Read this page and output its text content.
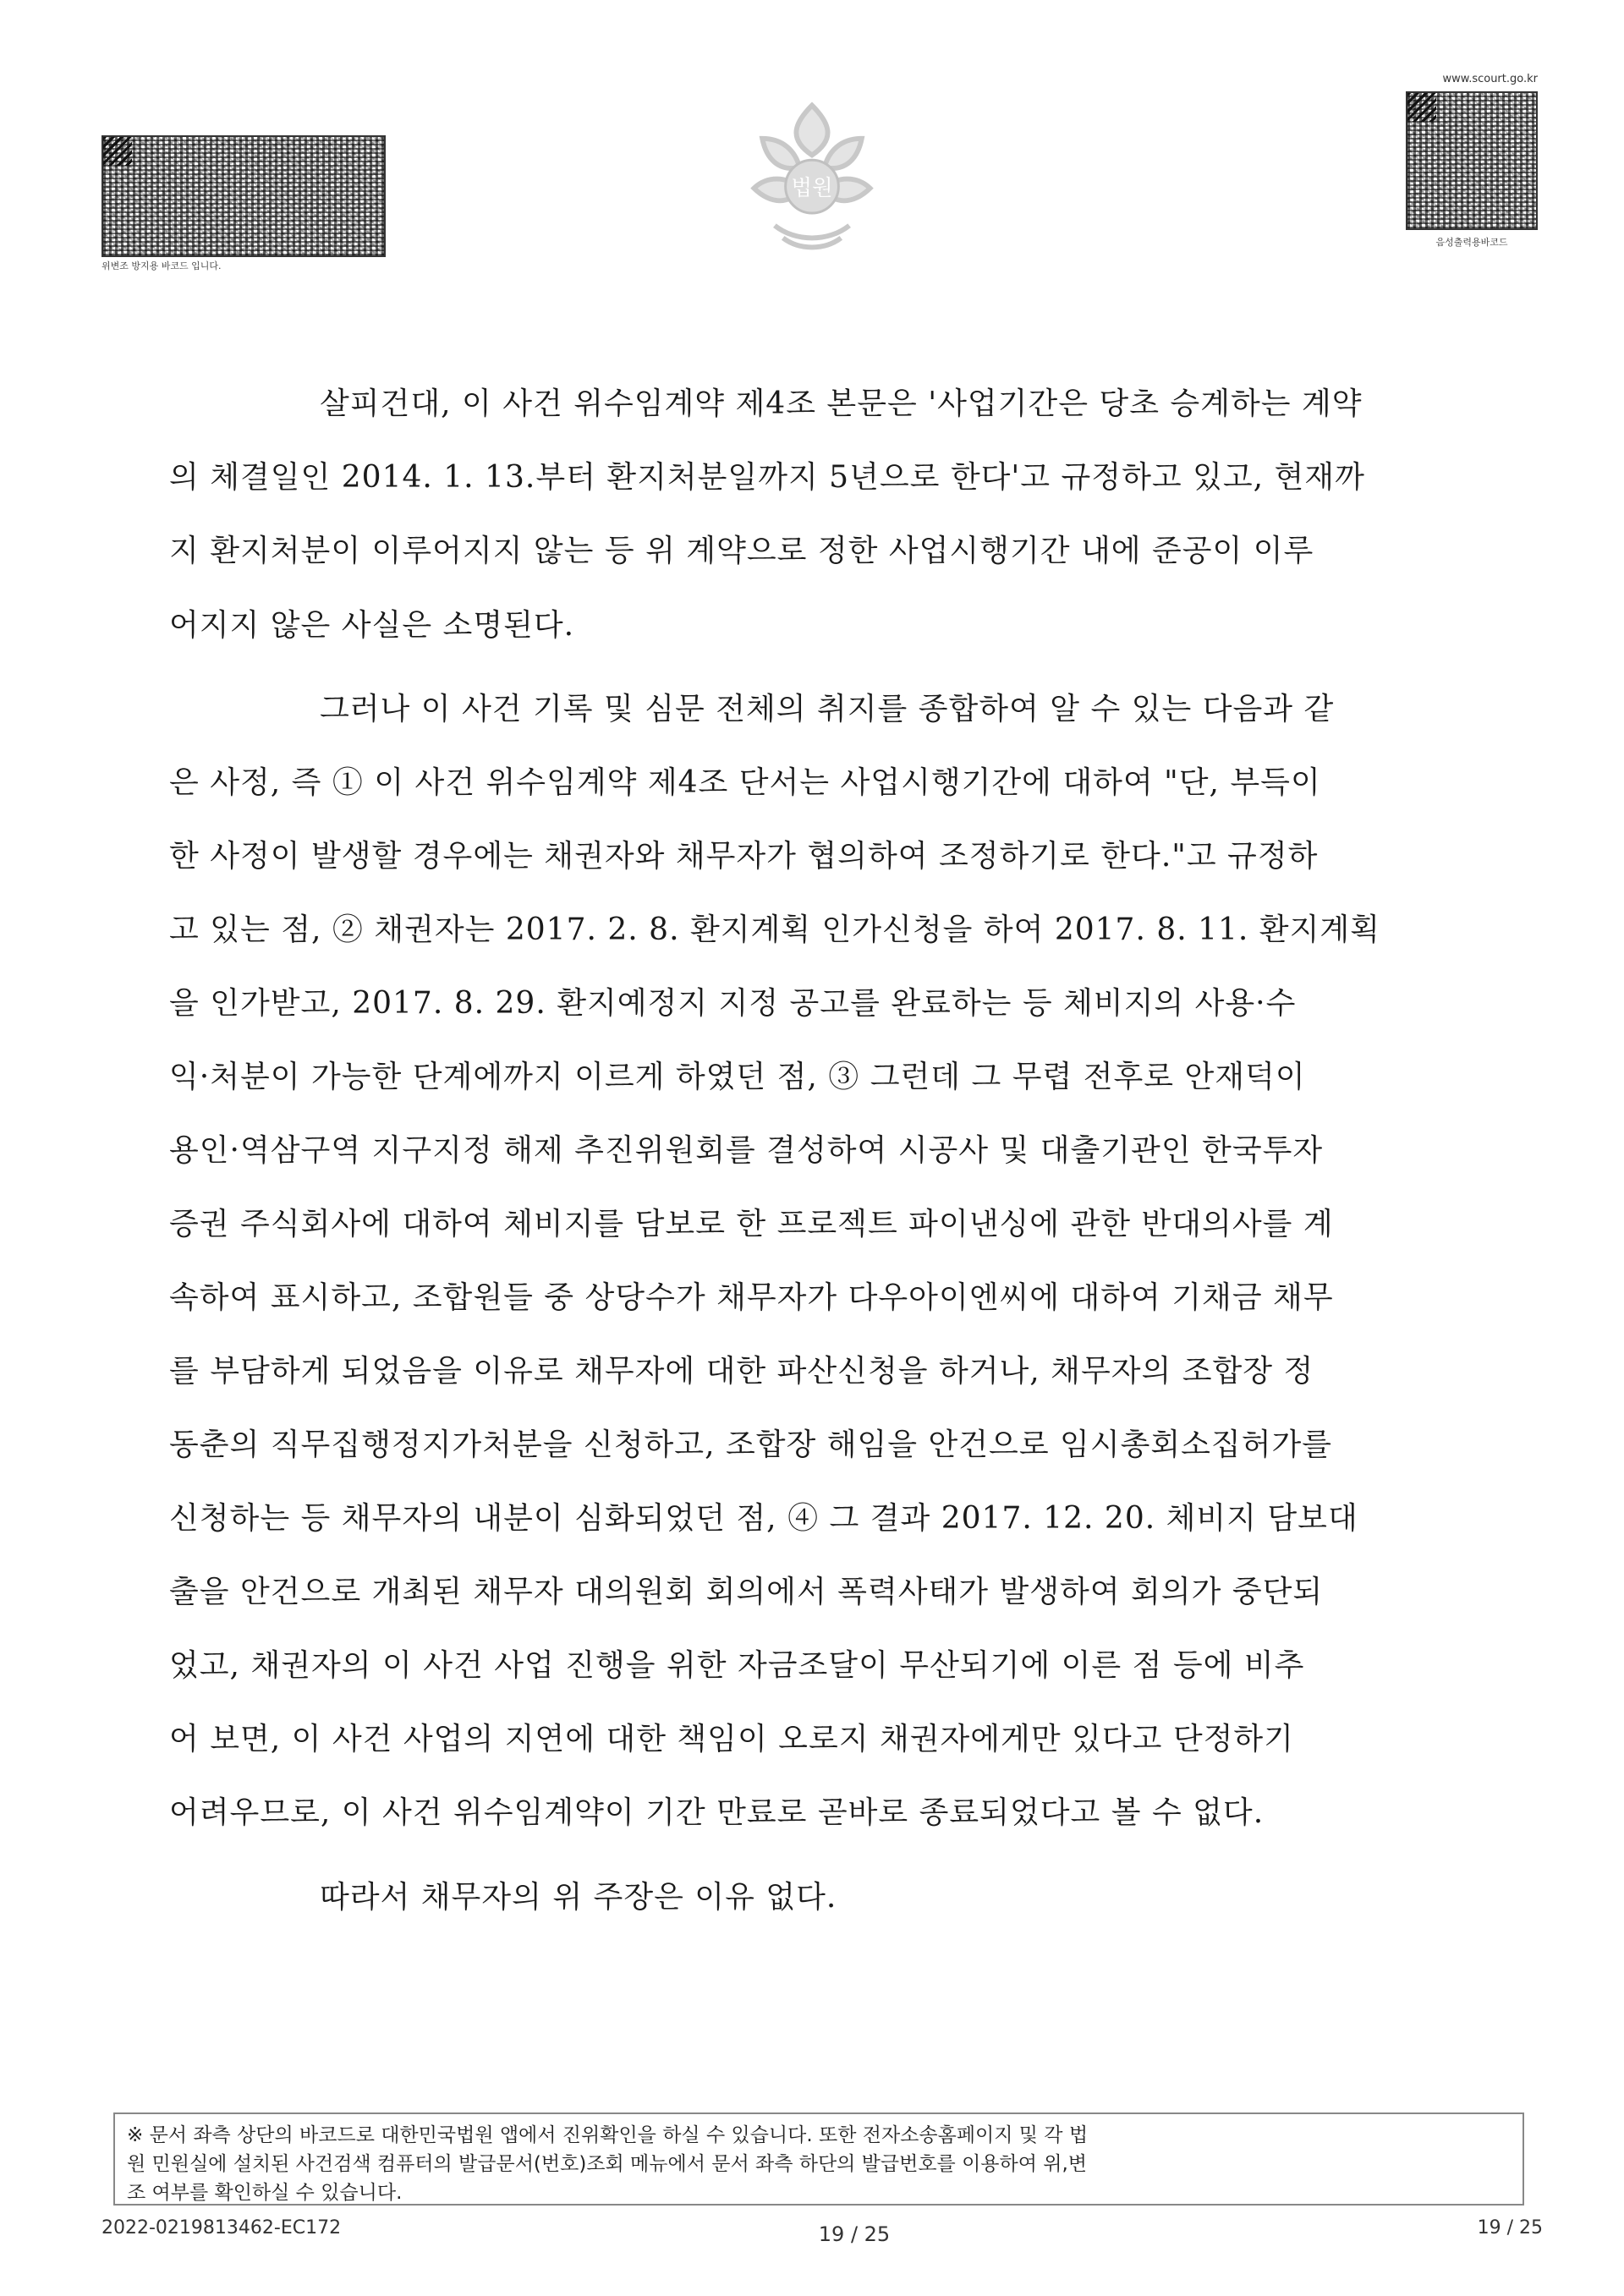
www.scourt.go.kr
위변조 방지용 바코드 입니다.
음성출력용바코드
법원
살피건대, 이 사건 위수임계약 제4조 본문은 '사업기간은 당초 승계하는 계약
의 체결일인 2014. 1. 13.부터 환지처분일까지 5년으로 한다'고 규정하고 있고, 현재까
지 환지처분이 이루어지지 않는 등 위 계약으로 정한 사업시행기간 내에 준공이 이루
어지지 않은 사실은 소명된다.
그러나 이 사건 기록 및 심문 전체의 취지를 종합하여 알 수 있는 다음과 같
은 사정, 즉 ① 이 사건 위수임계약 제4조 단서는 사업시행기간에 대하여 "단, 부득이
한 사정이 발생할 경우에는 채권자와 채무자가 협의하여 조정하기로 한다."고 규정하
고 있는 점, ② 채권자는 2017. 2. 8. 환지계획 인가신청을 하여 2017. 8. 11. 환지계획
을 인가받고, 2017. 8. 29. 환지예정지 지정 공고를 완료하는 등 체비지의 사용·수
익·처분이 가능한 단계에까지 이르게 하였던 점, ③ 그런데 그 무렵 전후로 안재덕이
용인·역삼구역 지구지정 해제 추진위원회를 결성하여 시공사 및 대출기관인 한국투자
증권 주식회사에 대하여 체비지를 담보로 한 프로젝트 파이낸싱에 관한 반대의사를 계
속하여 표시하고, 조합원들 중 상당수가 채무자가 다우아이엔씨에 대하여 기채금 채무
를 부담하게 되었음을 이유로 채무자에 대한 파산신청을 하거나, 채무자의 조합장 정
동춘의 직무집행정지가처분을 신청하고, 조합장 해임을 안건으로 임시총회소집허가를
신청하는 등 채무자의 내분이 심화되었던 점, ④ 그 결과 2017. 12. 20. 체비지 담보대
출을 안건으로 개최된 채무자 대의원회 회의에서 폭력사태가 발생하여 회의가 중단되
었고, 채권자의 이 사건 사업 진행을 위한 자금조달이 무산되기에 이른 점 등에 비추
어 보면, 이 사건 사업의 지연에 대한 책임이 오로지 채권자에게만 있다고 단정하기
어려우므로, 이 사건 위수임계약이 기간 만료로 곧바로 종료되었다고 볼 수 없다.
따라서 채무자의 위 주장은 이유 없다.
※ 문서 좌측 상단의 바코드로 대한민국법원 앱에서 진위확인을 하실 수 있습니다. 또한 전자소송홈페이지 및 각 법
원 민원실에 설치된 사건검색 컴퓨터의 발급문서(번호)조회 메뉴에서 문서 좌측 하단의 발급번호를 이용하여 위,변
조 여부를 확인하실 수 있습니다.
2022-0219813462-EC172	19 / 25	19 / 25
